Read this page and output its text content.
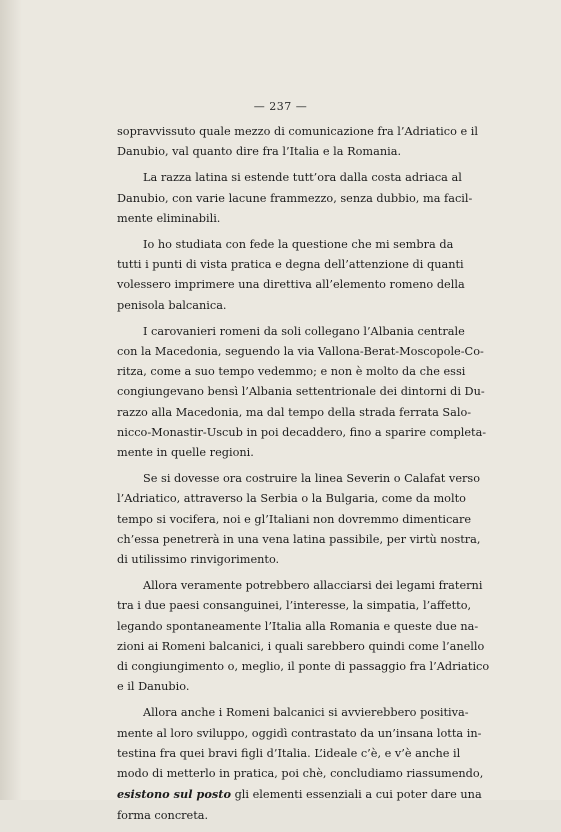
— 237 —
sopravvissuto quale mezzo di comunicazione fra l’Adriatico e il
Danubio, val quanto dire fra l’Italia e la Romania.
La razza latina si estende tutt’ora dalla costa adriaca al
Danubio, con varie lacune frammezzo, senza dubbio, ma facil-
mente eliminabili.
Io ho studiata con fede la questione che mi sembra da
tutti i punti di vista pratica e degna dell’attenzione di quanti
volessero imprimere una direttiva all’elemento romeno della
penisola balcanica.
I carovanieri romeni da soli collegano l’Albania centrale
con la Macedonia, seguendo la via Vallona-Berat-Moscopole-Co-
ritza, come a suo tempo vedemmo; e non è molto da che essi
congiungevano bensì l’Albania settentrionale dei dintorni di Du-
razzo alla Macedonia, ma dal tempo della strada ferrata Salo-
nicco-Monastir-Uscub in poi decaddero, fino a sparire completa-
mente in quelle regioni.
Se si dovesse ora costruire la linea Severin o Calafat verso
l’Adriatico, attraverso la Serbia o la Bulgaria, come da molto
tempo si vocifera, noi e gl’Italiani non dovremmo dimenticare
ch’essa penetrerà in una vena latina passibile, per virtù nostra,
di utilissimo rinvigorimento.
Allora veramente potrebbero allacciarsi dei legami fraterni
tra i due paesi consanguinei, l’interesse, la simpatia, l’affetto,
legando spontaneamente l’Italia alla Romania e queste due na-
zioni ai Romeni balcanici, i quali sarebbero quindi come l’anello
di congiungimento o, meglio, il ponte di passaggio fra l’Adriatico
e il Danubio.
Allora anche i Romeni balcanici si avvierebbero positiva-
mente al loro sviluppo, oggidì contrastato da un’insana lotta in-
testina fra quei bravi figli d’Italia. L’ideale c’è, e v’è anche il
modo di metterlo in pratica, poi chè, concludiamo riassumendo,
esistono sul posto gli elementi essenziali a cui poter dare una
forma concreta.
